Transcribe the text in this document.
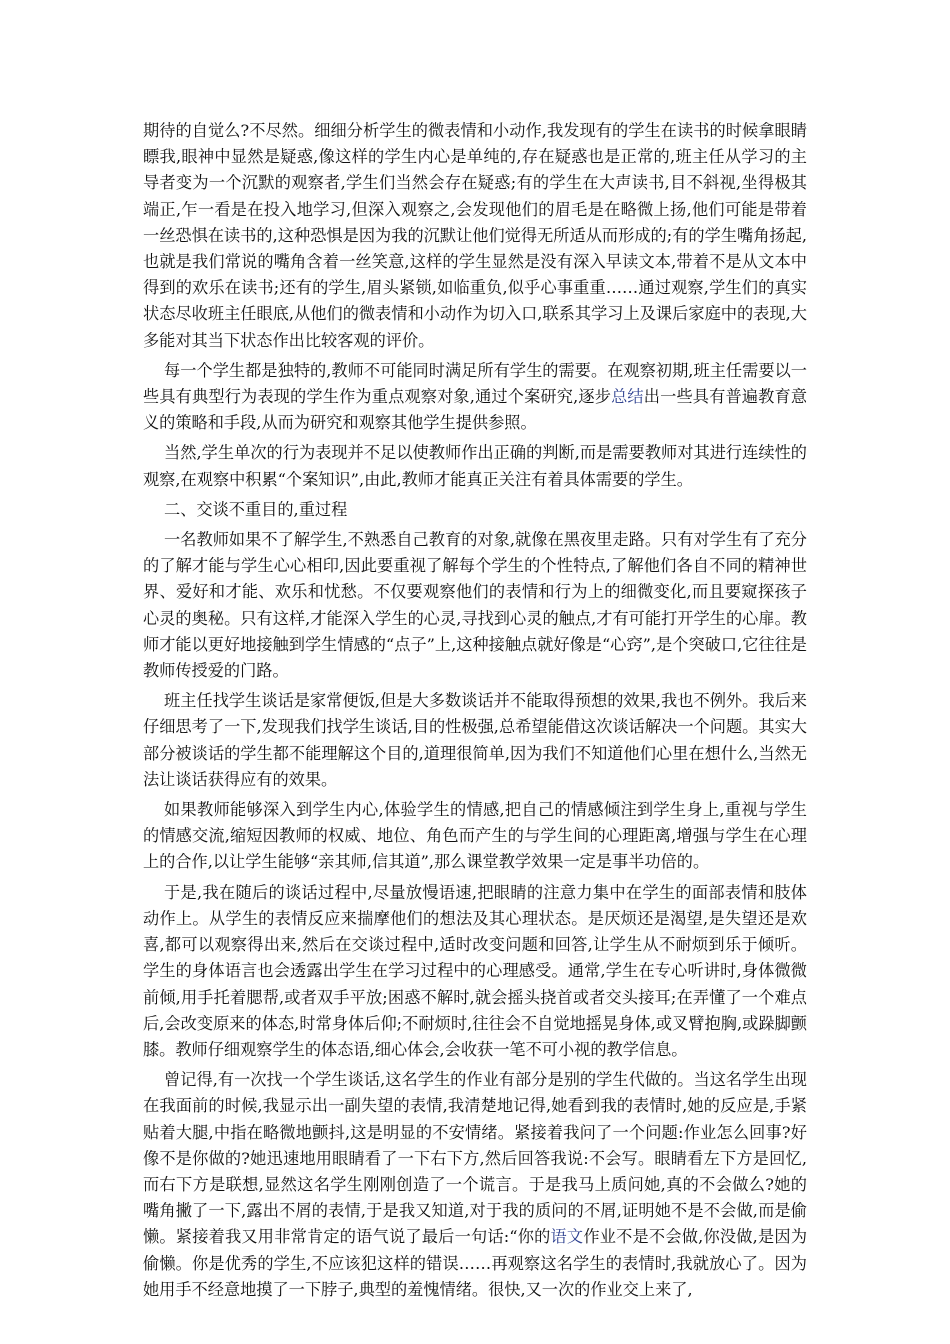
期待的自觉么?不尽然。细细分析学生的微表情和小动作,我发现有的学生在读书的时候拿眼睛瞟我,眼神中显然是疑惑,像这样的学生内心是单纯的,存在疑惑也是正常的,班主任从学习的主导者变为一个沉默的观察者,学生们当然会存在疑惑;有的学生在大声读书,目不斜视,坐得极其端正,乍一看是在投入地学习,但深入观察之,会发现他们的眉毛是在略微上扬,他们可能是带着一丝恐惧在读书的,这种恐惧是因为我的沉默让他们觉得无所适从而形成的;有的学生嘴角扬起,也就是我们常说的嘴角含着一丝笑意,这样的学生显然是没有深入早读文本,带着不是从文本中得到的欢乐在读书;还有的学生,眉头紧锁,如临重负,似乎心事重重……通过观察,学生们的真实状态尽收班主任眼底,从他们的微表情和小动作为切入口,联系其学习上及课后家庭中的表现,大多能对其当下状态作出比较客观的评价。

每一个学生都是独特的,教师不可能同时满足所有学生的需要。在观察初期,班主任需要以一些具有典型行为表现的学生作为重点观察对象,通过个案研究,逐步总结出一些具有普遍教育意义的策略和手段,从而为研究和观察其他学生提供参照。

当然,学生单次的行为表现并不足以使教师作出正确的判断,而是需要教师对其进行连续性的观察,在观察中积累“个案知识”,由此,教师才能真正关注有着具体需要的学生。

二、交谈不重目的,重过程

一名教师如果不了解学生,不熟悉自己教育的对象,就像在黑夜里走路。只有对学生有了充分的了解才能与学生心心相印,因此要重视了解每个学生的个性特点,了解他们各自不同的精神世界、爱好和才能、欢乐和忧愁。不仅要观察他们的表情和行为上的细微变化,而且要窥探孩子心灵的奥秘。只有这样,才能深入学生的心灵,寻找到心灵的触点,才有可能打开学生的心扉。教师才能以更好地接触到学生情感的“点子”上,这种接触点就好像是“心窍”,是个突破口,它往往是教师传授爱的门路。

班主任找学生谈话是家常便饭,但是大多数谈话并不能取得预想的效果,我也不例外。我后来仔细思考了一下,发现我们找学生谈话,目的性极强,总希望能借这次谈话解决一个问题。其实大部分被谈话的学生都不能理解这个目的,道理很简单,因为我们不知道他们心里在想什么,当然无法让谈话获得应有的效果。

如果教师能够深入到学生内心,体验学生的情感,把自己的情感倾注到学生身上,重视与学生的情感交流,缩短因教师的权威、地位、角色而产生的与学生间的心理距离,增强与学生在心理上的合作,以让学生能够“亲其师,信其道”,那么课堂教学效果一定是事半功倍的。

于是,我在随后的谈话过程中,尽量放慢语速,把眼睛的注意力集中在学生的面部表情和肢体动作上。从学生的表情反应来揣摩他们的想法及其心理状态。是厌烦还是渴望,是失望还是欢喜,都可以观察得出来,然后在交谈过程中,适时改变问题和回答,让学生从不耐烦到乐于倾听。学生的身体语言也会透露出学生在学习过程中的心理感受。通常,学生在专心听讲时,身体微微前倾,用手托着腮帮,或者双手平放;困惑不解时,就会摇头挠首或者交头接耳;在弄懂了一个难点后,会改变原来的体态,时常身体后仰;不耐烦时,往往会不自觉地摇晃身体,或叉臂抱胸,或跺脚颤膝。教师仔细观察学生的体态语,细心体会,会收获一笔不可小视的教学信息。

曾记得,有一次找一个学生谈话,这名学生的作业有部分是别的学生代做的。当这名学生出现在我面前的时候,我显示出一副失望的表情,我清楚地记得,她看到我的表情时,她的反应是,手紧贴着大腿,中指在略微地颤抖,这是明显的不安情绪。紧接着我问了一个问题:作业怎么回事?好像不是你做的?她迅速地用眼睛看了一下右下方,然后回答我说:不会写。眼睛看左下方是回忆,而右下方是联想,显然这名学生刚刚创造了一个谎言。于是我马上质问她,真的不会做么?她的嘴角撇了一下,露出不屑的表情,于是我又知道,对于我的质问的不屑,证明她不是不会做,而是偷懒。紧接着我又用非常肯定的语气说了最后一句话:“你的语文作业不是不会做,你没做,是因为偷懒。你是优秀的学生,不应该犯这样的错误……再观察这名学生的表情时,我就放心了。因为她用手不经意地摸了一下脖子,典型的羞愧情绪。很快,又一次的作业交上来了,
